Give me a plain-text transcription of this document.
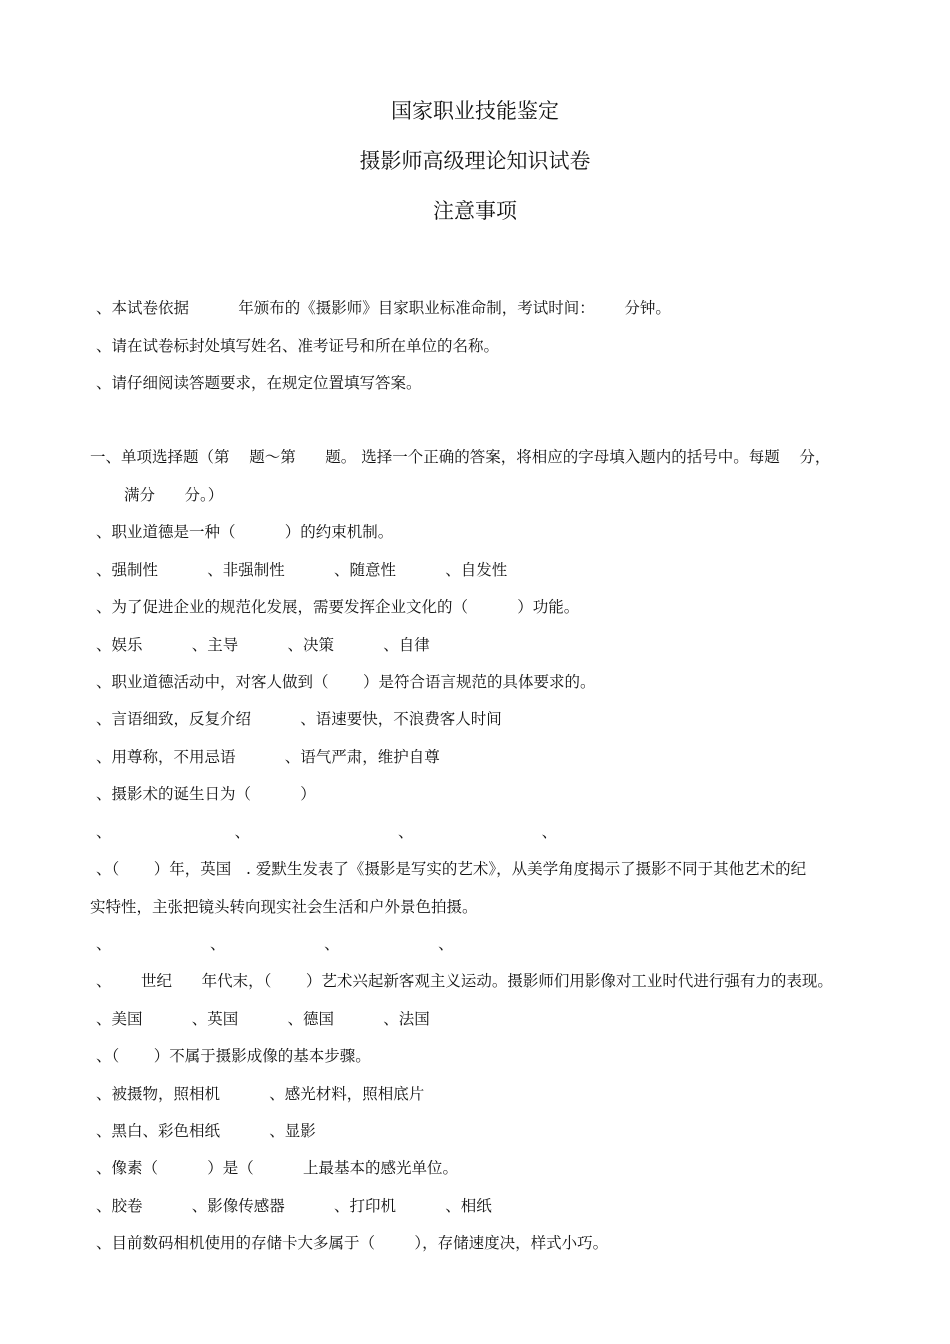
国家职业技能鉴定
摄影师高级理论知识试卷
注意事项
、本试卷依据          年颁布的《摄影师》目家职业标准命制，考试时间：      分钟。
、请在试卷标封处填写姓名、准考证号和所在单位的名称。
、请仔细阅读答题要求，在规定位置填写答案。
一、单项选择题（第    题～第      题。 选择一个正确的答案，将相应的字母填入题内的括号中。每题    分，
满分      分。）
、职业道德是一种（          ）的约束机制。
、强制性          、非强制性          、随意性          、自发性
、为了促进企业的规范化发展，需要发挥企业文化的（          ）功能。
、娱乐          、主导          、决策          、自律
、职业道德活动中，对客人做到（       ）是符合语言规范的具体要求的。
、言语细致，反复介绍          、语速要快，不浪费客人时间
、用尊称，不用忌语          、语气严肃，维护自尊
、摄影术的诞生日为（          ）
、                         、                              、                          、
、（       ）年，英国   . 爱默生发表了《摄影是写实的艺术》，从美学角度揭示了摄影不同于其他艺术的纪
实特性，主张把镜头转向现实社会生活和户外景色拍摄。
、                    、                    、                    、
、      世纪      年代末，（       ）艺术兴起新客观主义运动。摄影师们用影像对工业时代进行强有力的表现。
、美国          、英国          、德国          、法国
、（       ）不属于摄影成像的基本步骤。
、被摄物，照相机          、感光材料，照相底片
、黑白、彩色相纸          、显影
、像素（          ）是（          上最基本的感光单位。
、胶卷          、影像传感器          、打印机          、相纸
、目前数码相机使用的存储卡大多属于（        ），存储速度决，样式小巧。
